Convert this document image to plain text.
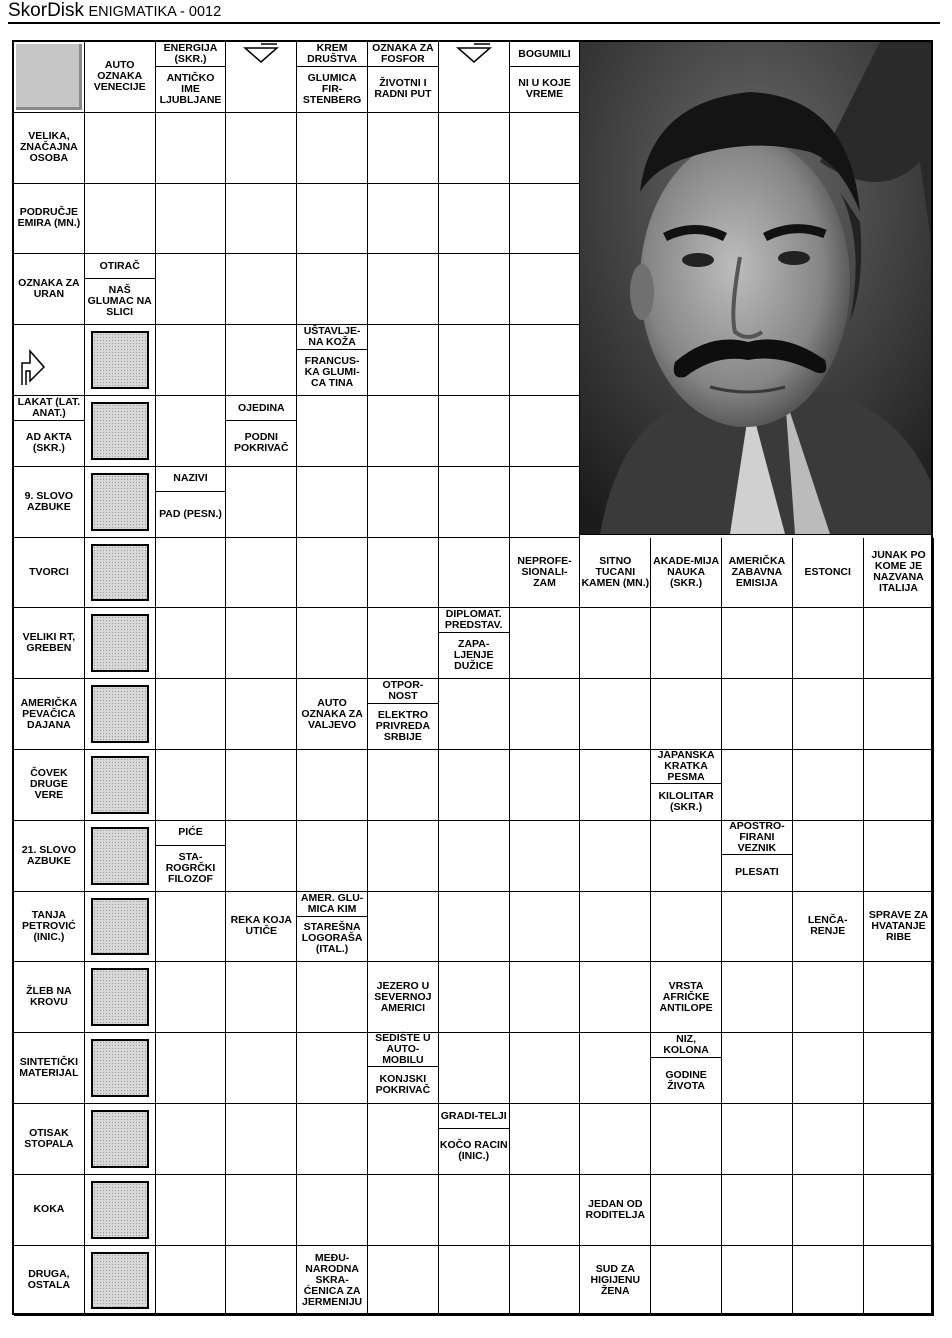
SkorDisk ENIGMATIKA - 0012
AUTO OZNAKA VENECIJE
ENERGIJA (SKR.)
ANTIČKO IME LJUBLJANE
KREM DRUŠTVA
GLUMICA FIR-STENBERG
OZNAKA ZA FOSFOR
ŽIVOTNI I RADNI PUT
BOGUMILI
NI U KOJE VREME
VELIKA, ZNAČAJNA OSOBA
PODRUČJE EMIRA (MN.)
OZNAKA ZA URAN
OTIRAČ
NAŠ GLUMAC NA SLICI
UŠTAVLJE-NA KOŽA
FRANCUS-KA GLUMI-CA TINA
LAKAT (LAT. ANAT.)
AD AKTA (SKR.)
OJEDINA
PODNI POKRIVAČ
9. SLOVO AZBUKE
NAZIVI
PAD (PESN.)
TVORCI
NEPROFE-SIONALI-ZAM
SITNO TUCANI KAMEN (MN.)
AKADE-MIJA NAUKA (SKR.)
AMERIČKA ZABAVNA EMISIJA
ESTONCI
JUNAK PO KOME JE NAZVANA ITALIJA
VELIKI RT, GREBEN
DIPLOMAT. PREDSTAV.
ZAPA-LJENJE DUŽICE
AMERIČKA PEVAČICA DAJANA
AUTO OZNAKA ZA VALJEVO
OTPOR-NOST
ELEKTRO PRIVREDA SRBIJE
ČOVEK DRUGE VERE
JAPANSKA KRATKA PESMA
KILOLITAR (SKR.)
21. SLOVO AZBUKE
PIĆE
STA-ROGRČKI FILOZOF
APOSTRO-FIRANI VEZNIK
PLESATI
TANJA PETROVIĆ (INIC.)
REKA KOJA UTIČE
AMER. GLU-MICA KIM
STAREŠNA LOGORAŠA (ITAL.)
LENČA-RENJE
SPRAVE ZA HVATANJE RIBE
ŽLEB NA KROVU
JEZERO U SEVERNOJ AMERICI
VRSTA AFRIČKE ANTILOPE
SINTETIČKI MATERIJAL
SEDIŠTE U AUTO-MOBILU
KONJSKI POKRIVAČ
NIZ, KOLONA
GODINE ŽIVOTA
OTISAK STOPALA
GRADI-TELJI
KOČO RACIN (INIC.)
KOKA	JEDAN OD RODITELJA
DRUGA, OSTALA
MEĐU-NARODNA SKRA-ĆENICA ZA JERMENIJU
SUD ZA HIGIJENU ŽENA
